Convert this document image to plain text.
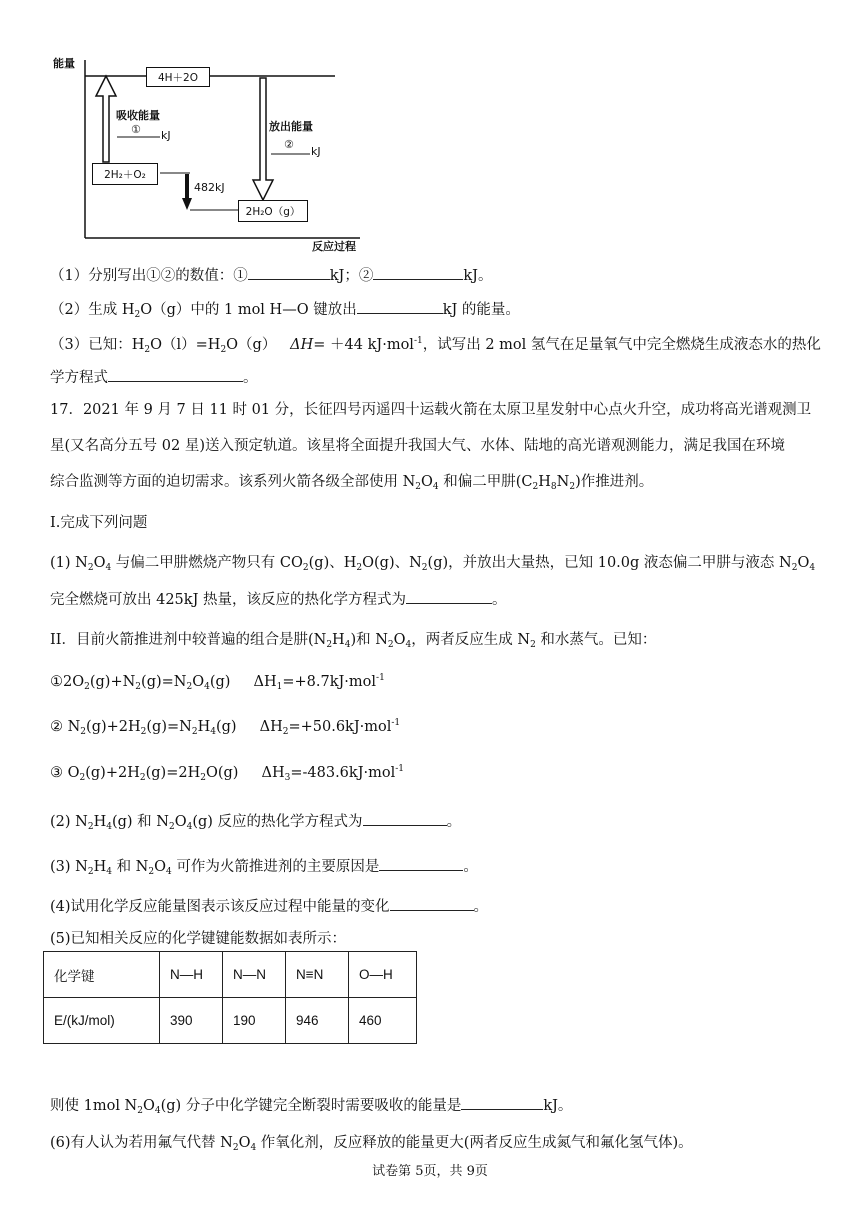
能量
反应过程
4H＋2O
2H₂＋O₂
2H₂O（g）
吸收能量
① kJ
放出能量
②
kJ
482kJ
（1）分别写出①②的数值：①	kJ；②	kJ。
（2）生成 $H_2O(g)$中的 1 mol H—O 键放出	kJ 的能量。
（3）已知：$H_2O(l)=H_2O(g)$ ΔH= ＋44 kJ·mol$^{-1}$，试写出 2 mol 氢气在足量氧气中完全燃烧生成液态水的热化
学方程式	。
17．2021 年 9 月 7 日 11 时 01 分，长征四号丙遥四十运载火箭在太原卫星发射中心点火升空，成功将高光谱观测卫
星(又名高分五号 02 星)送入预定轨道。该星将全面提升我国大气、水体、陆地的高光谱观测能力，满足我国在环境
综合监测等方面的迫切需求。该系列火箭各级全部使用 $N_2O_4$ 和偏二甲肼$(C_2H_8N_2)$作推进剂。
I.完成下列问题
(1) $N_2O_4$ 与偏二甲肼燃烧产物只有 $CO_2(g)$、$H_2O(g)$、$N_2(g)$，并放出大量热，已知 10.0g 液态偏二甲肼与液态 $N_2O_4$
完全燃烧可放出 425kJ 热量，该反应的热化学方程式为	。
II．目前火箭推进剂中较普遍的组合是肼$(N_2H_4)$和 $N_2O_4$，两者反应生成 $N_2$ 和水蒸气。已知：
$①2O_2(g)+N_2(g)=N_2O_4(g)$ $\Delta H_1=+8.7kJ\cdot mol^{-1}$
② $N_2(g)+2H_2(g)=N_2H_4(g)$ $\Delta H_2=+50.6kJ\cdot mol^{-1}$
③ $O_2(g)+2H_2(g)=2H_2O(g)$ $\Delta H_3=-483.6kJ\cdot mol^{-1}$
(2) $N_2H_4(g)$ 和 $N_2O_4(g)$ 反应的热化学方程式为	。
(3) $N_2H_4$ 和 $N_2O_4$ 可作为火箭推进剂的主要原因是	。
(4)试用化学反应能量图表示该反应过程中能量的变化	。
(5)已知相关反应的化学键键能数据如表所示：
化学键	N—H	N—N	N≡N	O—H
E/(kJ/mol)	390	190	946	460
则使 1mol $N_2O_4(g)$ 分子中化学键完全断裂时需要吸收的能量是	kJ。
(6)有人认为若用氟气代替 $N_2O_4$ 作氧化剂，反应释放的能量更大(两者反应生成氮气和氟化氢气体)。
试卷第 5页，共 9页
